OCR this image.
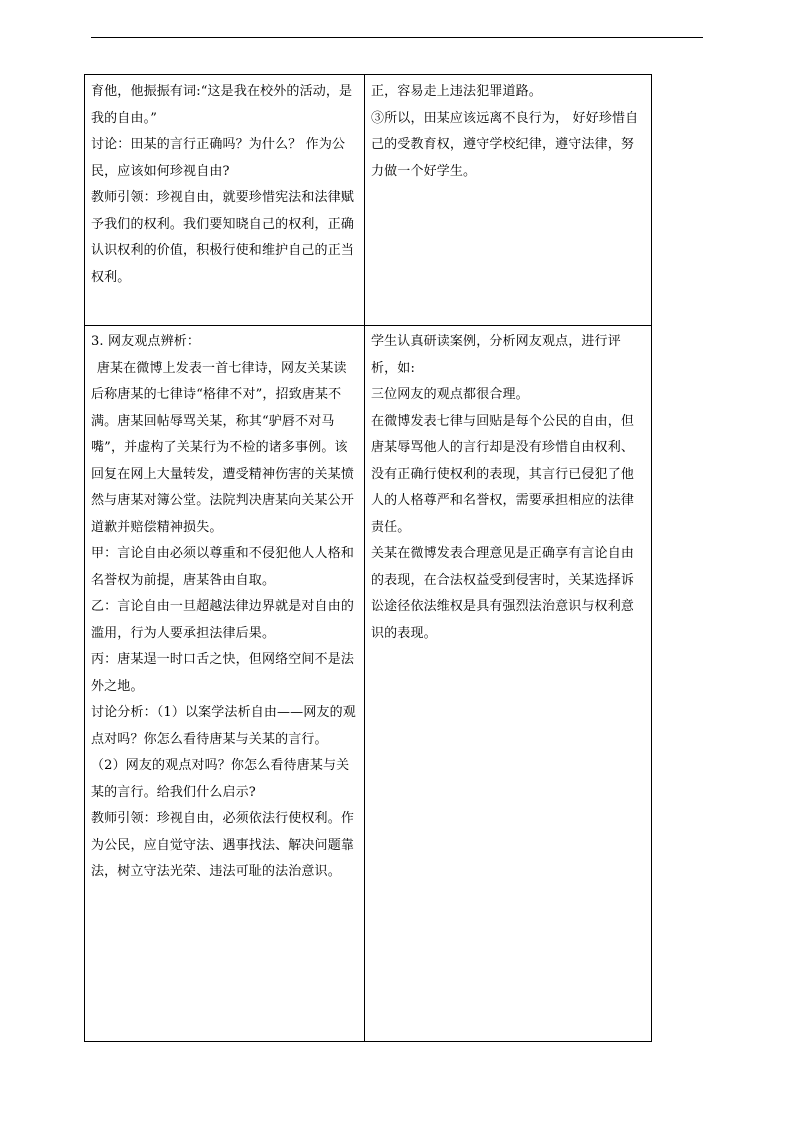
育他，他振振有词:“这是我在校外的活动，是我的自由。”
讨论：田某的言行正确吗？为什么？ 作为公民，应该如何珍视自由?
教师引领：珍视自由，就要珍惜宪法和法律赋予我们的权利。我们要知晓自己的权利，正确认识权利的价值，积极行使和维护自己的正当权利。
正，容易走上违法犯罪道路。
③所以，田某应该远离不良行为， 好好珍惜自己的受教育权，遵守学校纪律，遵守法律，努力做一个好学生。
3. 网友观点辨析：
唐某在微博上发表一首七律诗，网友关某读后称唐某的七律诗“格律不对”，招致唐某不满。唐某回帖辱骂关某，称其“驴唇不对马嘴”，并虚构了关某行为不检的诸多事例。该回复在网上大量转发，遭受精神伤害的关某愤然与唐某对簿公堂。法院判决唐某向关某公开道歉并赔偿精神损失。
甲：言论自由必须以尊重和不侵犯他人人格和名誉权为前提，唐某咎由自取。
乙：言论自由一旦超越法律边界就是对自由的滥用，行为人要承担法律后果。
丙：唐某逞一时口舌之快，但网络空间不是法外之地。
讨论分析：（1）以案学法析自由——网友的观点对吗？你怎么看待唐某与关某的言行。
（2）网友的观点对吗？你怎么看待唐某与关某的言行。给我们什么启示?
教师引领：珍视自由，必须依法行使权利。作为公民，应自觉守法、遇事找法、解决问题靠法，树立守法光荣、违法可耻的法治意识。
学生认真研读案例，分析网友观点，进行评析，如:
三位网友的观点都很合理。
在微博发表七律与回贴是每个公民的自由，但唐某辱骂他人的言行却是没有珍惜自由权利、没有正确行使权利的表现，其言行已侵犯了他人的人格尊严和名誉权，需要承担相应的法律责任。
关某在微博发表合理意见是正确享有言论自由的表现，在合法权益受到侵害时，关某选择诉讼途径依法维权是具有强烈法治意识与权利意识的表现。
